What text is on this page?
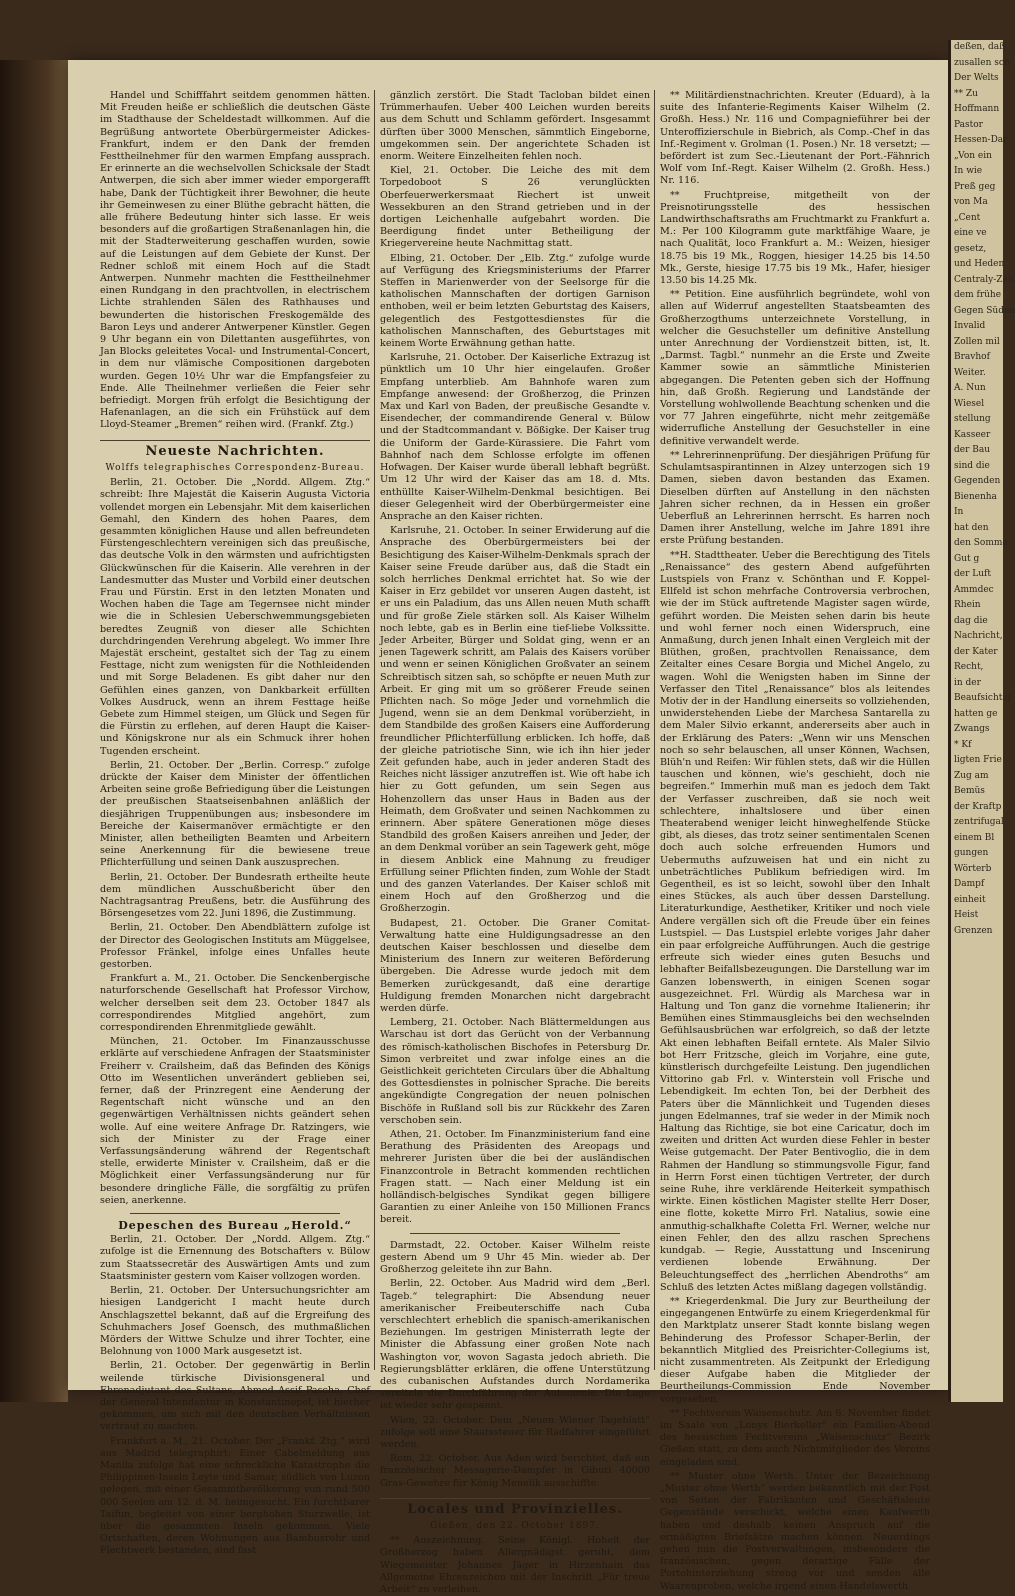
Handel und Schifffahrt seitdem genommen hätten. Mit Freuden heiße er schließlich die deutschen Gäste im Stadthause der Scheldestadt willkommen. Auf die Begrüßung antwortete Oberbürgermeister Adickes-Frankfurt, indem er den Dank der fremden Festtheilnehmer für den warmen Empfang aussprach. Er erinnerte an die wechselvollen Schicksale der Stadt Antwerpen, die sich aber immer wieder emporgerafft habe, Dank der Tüchtigkeit ihrer Bewohner, die heute ihr Gemeinwesen zu einer Blüthe gebracht hätten, die alle frühere Bedeutung hinter sich lasse. Er weis besonders auf die großartigen Straßenanlagen hin, die mit der Stadterweiterung geschaffen wurden, sowie auf die Leistungen auf dem Gebiete der Kunst. Der Redner schloß mit einem Hoch auf die Stadt Antwerpen. Nunmehr machten die Festtheilnehmer einen Rundgang in den prachtvollen, in electrischem Lichte strahlenden Sälen des Rathhauses und bewunderten die historischen Freskogemälde des Baron Leys und anderer Antwerpener Künstler. Gegen 9 Uhr begann ein von Dilettanten ausgeführtes, von Jan Blocks geleitetes Vocal- und Instrumental-Concert, in dem nur vlämische Compositionen dargeboten wurden. Gegen 10½ Uhr war die Empfangsfeier zu Ende. Alle Theilnehmer verließen die Feier sehr befriedigt. Morgen früh erfolgt die Besichtigung der Hafenanlagen, an die sich ein Frühstück auf dem Lloyd-Steamer „Bremen“ reihen wird. (Frankf. Ztg.)

Neueste Nachrichten.
Wolffs telegraphisches Correspondenz-Bureau.

Berlin, 21. October. Die „Nordd. Allgem. Ztg.“ schreibt: Ihre Majestät die Kaiserin Augusta Victoria vollendet morgen ein Lebensjahr. Mit dem kaiserlichen Gemahl, den Kindern des hohen Paares, dem gesammten königlichen Hause und allen befreundeten Fürstengeschlechtern vereinigen sich das preußische, das deutsche Volk in den wärmsten und aufrichtigsten Glückwünschen für die Kaiserin. Alle verehren in der Landesmutter das Muster und Vorbild einer deutschen Frau und Fürstin. Erst in den letzten Monaten und Wochen haben die Tage am Tegernsee nicht minder wie die in Schlesien Ueberschwemmungsgebieten beredtes Zeugniß von dieser alle Schichten durchdringenden Verehrung abgelegt. Wo immer Ihre Majestät erscheint, gestaltet sich der Tag zu einem Festtage, nicht zum wenigsten für die Nothleidenden und mit Sorge Beladenen. Es gibt daher nur den Gefühlen eines ganzen, von Dankbarkeit erfüllten Volkes Ausdruck, wenn an ihrem Festtage heiße Gebete zum Himmel steigen, um Glück und Segen für die Fürstin zu erflehen, auf deren Haupt die Kaiser- und Königskrone nur als ein Schmuck ihrer hohen Tugenden erscheint.

Berlin, 21. October. Der „Berlin. Corresp.“ zufolge drückte der Kaiser dem Minister der öffentlichen Arbeiten seine große Befriedigung über die Leistungen der preußischen Staatseisenbahnen anläßlich der diesjährigen Truppenübungen aus; insbesondere im Bereiche der Kaisermanöver ermächtigte er den Minister, allen betheiligten Beamten und Arbeitern seine Anerkennung für die bewiesene treue Pflichterfüllung und seinen Dank auszusprechen.

Berlin, 21. October. Der Bundesrath ertheilte heute dem mündlichen Ausschußbericht über den Nachtragsantrag Preußens, betr. die Ausführung des Börsengesetzes vom 22. Juni 1896, die Zustimmung.

Berlin, 21. October. Den Abendblättern zufolge ist der Director des Geologischen Instituts am Müggelsee, Professor Fränkel, infolge eines Unfalles heute gestorben.

Frankfurt a. M., 21. October. Die Senckenbergische naturforschende Gesellschaft hat Professor Virchow, welcher derselben seit dem 23. October 1847 als correspondirendes Mitglied angehört, zum correspondirenden Ehrenmitgliede gewählt.

München, 21. October. Im Finanzausschusse erklärte auf verschiedene Anfragen der Staatsminister Freiherr v. Crailsheim, daß das Befinden des Königs Otto im Wesentlichen unverändert geblieben sei, ferner, daß der Prinzregent eine Aenderung der Regentschaft nicht wünsche und an den gegenwärtigen Verhältnissen nichts geändert sehen wolle. Auf eine weitere Anfrage Dr. Ratzingers, wie sich der Minister zu der Frage einer Verfassungsänderung während der Regentschaft stelle, erwiderte Minister v. Crailsheim, daß er die Möglichkeit einer Verfassungsänderung nur für besondere dringliche Fälle, die sorgfältig zu prüfen seien, anerkenne.

Depeschen des Bureau „Herold.“

Berlin, 21. October. Der „Nordd. Allgem. Ztg.“ zufolge ist die Ernennung des Botschafters v. Bülow zum Staatssecretär des Auswärtigen Amts und zum Staatsminister gestern vom Kaiser vollzogen worden.

Berlin, 21. October. Der Untersuchungsrichter am hiesigen Landgericht I macht heute durch Anschlagszettel bekannt, daß auf die Ergreifung des Schuhmachers Josef Goensch, des muthmaßlichen Mörders der Wittwe Schulze und ihrer Tochter, eine Belohnung von 1000 Mark ausgesetzt ist.

Berlin, 21. October. Der gegenwärtig in Berlin weilende türkische Divisionsgeneral und Ehrenadjutant des Sultans, Ahmed Assif Pascha, Chef der General-Intendantur in Konstantinopel, ist hierher gekommen, um sich mit den deutschen Verhältnissen vertraut zu machen.

Frankfurt a. M., 21. October. Der „Frankf. Ztg.“ wird aus Madrid telegraphirt: Einer Cabelmeldung aus Manila zufolge hat eine schreckliche Katastrophe die Philippinen-Inseln Leyte und Samar, südlich von Luzon gelegen, mit einer Gesammtbevölkerung von rund 500 000 Seelen am 12. d. M. heimgesucht. Ein furchtbarer Taifun, begleitet von einer berghohen Sturzwelle, ist über die gesammten Inseln gekommen. Viele Ortschaften, deren Wohnungen aus Bambusrohr und Flechtwerk bestanden, sind fast

gänzlich zerstört. Die Stadt Tacloban bildet einen Trümmerhaufen. Ueber 400 Leichen wurden bereits aus dem Schutt und Schlamm gefördert. Insgesammt dürften über 3000 Menschen, sämmtlich Eingeborne, umgekommen sein. Der angerichtete Schaden ist enorm. Weitere Einzelheiten fehlen noch.

Kiel, 21. October. Die Leiche des mit dem Torpedoboot S 26 verunglückten Oberfeuerwerkersmaat Riechert ist unweit Wessekburen an den Strand getrieben und in der dortigen Leichenhalle aufgebahrt worden. Die Beerdigung findet unter Betheiligung der Kriegervereine heute Nachmittag statt.

Elbing, 21. October. Der „Elb. Ztg.“ zufolge wurde auf Verfügung des Kriegsministeriums der Pfarrer Steffen in Marienwerder von der Seelsorge für die katholischen Mannschaften der dortigen Garnison enthoben, weil er beim letzten Geburtstag des Kaisers, gelegentlich des Festgottesdienstes für die katholischen Mannschaften, des Geburtstages mit keinem Worte Erwähnung gethan hatte.

Karlsruhe, 21. October. Der Kaiserliche Extrazug ist pünktlich um 10 Uhr hier eingelaufen. Großer Empfang unterblieb. Am Bahnhofe waren zum Empfange anwesend: der Großherzog, die Prinzen Max und Karl von Baden, der preußische Gesandte v. Eisendecher, der commandirende General v. Bülow und der Stadtcommandant v. Bößigke. Der Kaiser trug die Uniform der Garde-Kürassiere. Die Fahrt vom Bahnhof nach dem Schlosse erfolgte im offenen Hofwagen. Der Kaiser wurde überall lebhaft begrüßt. Um 12 Uhr wird der Kaiser das am 18. d. Mts. enthüllte Kaiser-Wilhelm-Denkmal besichtigen. Bei dieser Gelegenheit wird der Oberbürgermeister eine Ansprache an den Kaiser richten.

Karlsruhe, 21. October. In seiner Erwiderung auf die Ansprache des Oberbürgermeisters bei der Besichtigung des Kaiser-Wilhelm-Denkmals sprach der Kaiser seine Freude darüber aus, daß die Stadt ein solch herrliches Denkmal errichtet hat. So wie der Kaiser in Erz gebildet vor unseren Augen dasteht, ist er uns ein Paladium, das uns Allen neuen Muth schafft und für große Ziele stärken soll. Als Kaiser Wilhelm noch lebte, gab es in Berlin eine tief-liebe Volkssitte. Jeder Arbeiter, Bürger und Soldat ging, wenn er an jenen Tagewerk schritt, am Palais des Kaisers vorüber und wenn er seinen Königlichen Großvater an seinem Schreibtisch sitzen sah, so schöpfte er neuen Muth zur Arbeit. Er ging mit um so größerer Freude seinen Pflichten nach. So möge Jeder und vornehmlich die Jugend, wenn sie an dem Denkmal vorüberzieht, in dem Standbilde des großen Kaisers eine Aufforderung freundlicher Pflichterfüllung erblicken. Ich hoffe, daß der gleiche patriotische Sinn, wie ich ihn hier jeder Zeit gefunden habe, auch in jeder anderen Stadt des Reiches nicht lässiger anzutreffen ist. Wie oft habe ich hier zu Gott gefunden, um sein Segen aus Hohenzollern das unser Haus in Baden aus der Heimath, dem Großvater und seinen Nachkommen zu erinnern. Aber spätere Generationen möge dieses Standbild des großen Kaisers anreihen und Jeder, der an dem Denkmal vorüber an sein Tagewerk geht, möge in diesem Anblick eine Mahnung zu freudiger Erfüllung seiner Pflichten finden, zum Wohle der Stadt und des ganzen Vaterlandes. Der Kaiser schloß mit einem Hoch auf den Großherzog und die Großherzogin.

Budapest, 21. October. Die Graner Comitat-Verwaltung hatte eine Huldigungsadresse an den deutschen Kaiser beschlossen und dieselbe dem Ministerium des Innern zur weiteren Beförderung übergeben. Die Adresse wurde jedoch mit dem Bemerken zurückgesandt, daß eine derartige Huldigung fremden Monarchen nicht dargebracht werden dürfe.

Lemberg, 21. October. Nach Blättermeldungen aus Warschau ist dort das Gerücht von der Verbannung des römisch-katholischen Bischofes in Petersburg Dr. Simon verbreitet und zwar infolge eines an die Geistlichkeit gerichteten Circulars über die Abhaltung des Gottesdienstes in polnischer Sprache. Die bereits angekündigte Congregation der neuen polnischen Bischöfe in Rußland soll bis zur Rückkehr des Zaren verschoben sein.

Athen, 21. October. Im Finanzministerium fand eine Berathung des Präsidenten des Areopags und mehrerer Juristen über die bei der ausländischen Finanzcontrole in Betracht kommenden rechtlichen Fragen statt. — Nach einer Meldung ist ein holländisch-belgisches Syndikat gegen billigere Garantien zu einer Anleihe von 150 Millionen Francs bereit.

Darmstadt, 22. October. Kaiser Wilhelm reiste gestern Abend um 9 Uhr 45 Min. wieder ab. Der Großherzog geleitete ihn zur Bahn.

Berlin, 22. October. Aus Madrid wird dem „Berl. Tageb.“ telegraphirt: Die Absendung neuer amerikanischer Freibeuterschiffe nach Cuba verschlechtert erheblich die spanisch-amerikanischen Beziehungen. Im gestrigen Ministerrath legte der Minister die Abfassung einer großen Note nach Washington vor, wovon Sagasta jedoch abrieth. Die Regierungsblätter erklären, die offene Unterstützung des cubanischen Aufstandes durch Nordamerika vereitele die Durchführung der Autonomie. Die Lage ist wieder sehr gespannt.

Wien, 22. October. Dem „Neuen Wiener Tageblatt“ zufolge soll eine Staatssteuer für Radfahrer eingeführt werden.

Rom, 22. October. Aus Aden wird berichtet, daß ein französischer Messagerie-Dampfer in Gibuti 40000 Gras-Gewehre für König Menelik ausschiffte.

Locales und Provinzielles.
Gießen, den 22. October 1897.

** Auszeichnung. Seine Königl. Hoheit der Großherzog haben Allergnädigst geruht, dem Wiegemeister Johannes Jäger in Hirzenhain das Allgemeine Ehrenzeichen mit der Inschrift „Für treue Arbeit“ zu verleihen.

** Militärdienstnachrichten. Kreuter (Eduard), à la suite des Infanterie-Regiments Kaiser Wilhelm (2. Großh. Hess.) Nr. 116 und Compagnieführer bei der Unteroffizierschule in Biebrich, als Comp.-Chef in das Inf.-Regiment v. Grolman (1. Posen.) Nr. 18 versetzt; — befördert ist zum Sec.-Lieutenant der Port.-Fähnrich Wolf vom Inf.-Regt. Kaiser Wilhelm (2. Großh. Hess.) Nr. 116.

** Fruchtpreise, mitgetheilt von der Preisnotirungsstelle des hessischen Landwirthschaftsraths am Fruchtmarkt zu Frankfurt a. M.: Per 100 Kilogramm gute marktfähige Waare, je nach Qualität, loco Frankfurt a. M.: Weizen, hiesiger 18.75 bis 19 Mk., Roggen, hiesiger 14.25 bis 14.50 Mk., Gerste, hiesige 17.75 bis 19 Mk., Hafer, hiesiger 13.50 bis 14.25 Mk.

** Petition. Eine ausführlich begründete, wohl von allen auf Widerruf angestellten Staatsbeamten des Großherzogthums unterzeichnete Vorstellung, in welcher die Gesuchsteller um definitive Anstellung unter Anrechnung der Vordienstzeit bitten, ist, lt. „Darmst. Tagbl.“ nunmehr an die Erste und Zweite Kammer sowie an sämmtliche Ministerien abgegangen. Die Petenten geben sich der Hoffnung hin, daß Großh. Regierung und Landstände der Vorstellung wohlwollende Beachtung schenken und die vor 77 Jahren eingeführte, nicht mehr zeitgemäße widerrufliche Anstellung der Gesuchsteller in eine definitive verwandelt werde.

** Lehrerinnenprüfung. Der diesjährigen Prüfung für Schulamtsaspirantinnen in Alzey unterzogen sich 19 Damen, sieben davon bestanden das Examen. Dieselben dürften auf Anstellung in den nächsten Jahren sicher rechnen, da in Hessen ein großer Ueberfluß an Lehrerinnen herrscht. Es harren noch Damen ihrer Anstellung, welche im Jahre 1891 ihre erste Prüfung bestanden.

**H. Stadttheater. Ueber die Berechtigung des Titels „Renaissance“ des gestern Abend aufgeführten Lustspiels von Franz v. Schönthan und F. Koppel-Ellfeld ist schon mehrfache Controversia verbrochen, wie der im Stück auftretende Magister sagen würde, geführt worden. Die Meisten sehen darin bis heute und wohl ferner noch einen Widerspruch, eine Anmaßung, durch jenen Inhalt einen Vergleich mit der Blüthen, großen, prachtvollen Renaissance, dem Zeitalter eines Cesare Borgia und Michel Angelo, zu wagen. Wohl die Wenigsten haben im Sinne der Verfasser den Titel „Renaissance“ blos als leitendes Motiv der in der Handlung einerseits so vollziehenden, unwiderstehenden Liebe der Marchesa Santarella zu dem Maler Silvio erkannt, andererseits aber auch in der Erklärung des Paters: „Wenn wir uns Menschen noch so sehr belauschen, all unser Können, Wachsen, Blüh'n und Reifen: Wir fühlen stets, daß wir die Hüllen tauschen und können, wie's geschieht, doch nie begreifen.“ Immerhin muß man es jedoch dem Takt der Verfasser zuschreiben, daß sie noch weit schlechtere, inhaltslosere und über einen Theaterabend weniger leicht hinweghelfende Stücke gibt, als dieses, das trotz seiner sentimentalen Scenen doch auch solche erfreuenden Humors und Uebermuths aufzuweisen hat und ein nicht zu unbeträchtliches Publikum befriedigen wird. Im Gegentheil, es ist so leicht, sowohl über den Inhalt eines Stückes, als auch über dessen Darstellung. Literaturkundige, Aesthetiker, Kritiker und noch viele Andere vergällen sich oft die Freude über ein feines Lustspiel. — Das Lustspiel erlebte voriges Jahr daher ein paar erfolgreiche Aufführungen. Auch die gestrige erfreute sich wieder eines guten Besuchs und lebhafter Beifallsbezeugungen. Die Darstellung war im Ganzen lobenswerth, in einigen Scenen sogar ausgezeichnet. Frl. Würdig als Marchesa war in Haltung und Ton ganz die vornehme Italienerin; ihr Bemühen eines Stimmausgleichs bei den wechselnden Gefühlsausbrüchen war erfolgreich, so daß der letzte Akt einen lebhaften Beifall erntete. Als Maler Silvio bot Herr Fritzsche, gleich im Vorjahre, eine gute, künstlerisch durchgefeilte Leistung. Den jugendlichen Vittorino gab Frl. v. Winterstein voll Frische und Lebendigkeit. Im echten Ton, bei der Derbheit des Paters über die Männlichkeit und Tugenden dieses jungen Edelmannes, traf sie weder in der Mimik noch Haltung das Richtige, sie bot eine Caricatur, doch im zweiten und dritten Act wurden diese Fehler in bester Weise gutgemacht. Der Pater Bentivoglio, die in dem Rahmen der Handlung so stimmungsvolle Figur, fand in Herrn Forst einen tüchtigen Vertreter, der durch seine Ruhe, ihre verklärende Heiterkeit sympathisch wirkte. Einen köstlichen Magister stellte Herr Doser, eine flotte, kokette Mirro Frl. Natalius, sowie eine anmuthig-schalkhafte Coletta Frl. Werner, welche nur einen Fehler, den des allzu raschen Sprechens kundgab. — Regie, Ausstattung und Inscenirung verdienen lobende Erwähnung. Der Beleuchtungseffect des „herrlichen Abendroths“ am Schluß des letzten Actes mißlang dagegen vollständig.

** Kriegerdenkmal. Die Jury zur Beurtheilung der eingegangenen Entwürfe zu einem Kriegerdenkmal für den Marktplatz unserer Stadt konnte bislang wegen Behinderung des Professor Schaper-Berlin, der bekanntlich Mitglied des Preisrichter-Collegiums ist, nicht zusammentreten. Als Zeitpunkt der Erledigung dieser Aufgabe haben die Mitglieder der Beurtheilungs-Commission Ende November vorgesehen.

** Fechtverein Waisenschutz. Am 6. November findet im Saale von „Lonys Bierkeller“ ein Familien-Abend des hessischen Fechtvereins „Waisenschutz“ Bezirk Gießen statt, zu dem auch Nichtmitglieder des Vereins eingeladen sind.

** Muster ohne Werth. Unter der Bezeichnung „Muster ohne Werth“ werden bekanntlich mit der Post von Seiten der Fabrikanten und Geschäftsleute Gegenstände verschickt, welche einen Kaufwerth haben und deshalb keinen Anspruch auf die ermäßigten Briefsätze machen können. Neuerdings gehen nun die Postverwaltungen, insbesondere die französischen, gegen derartige Fälle der Portohinterziehung streng vor und senden alle Waarenproben, welche irgend einen Handelswerth

deßen, daß
zusallen sch
Der Welts
** Zu
Hoffmann
Pastor
Hessen-Dar
„Von ein
In wie
Preß geg
von Ma
„Cent
eine ve
gesetz,
und Heden
Centraly-Zeit
dem frühe
Gegen Süden
Invalid
Zollen mil
Bravhof
Weiter.
A. Nun
Wiesel
stellung
Kasseer
der Bau
sind die
Gegenden
Bienenha
In
hat den
den Somme
Gut g
der Luft
Ammdec
Rhein
dag die
Nachricht,
der Kater
Recht,
in der
Beaufsichtig
hatten ge
Zwangs
* Kf
ligten Frie
Zug am
Bemüs
der Kraftp
zentrifugal
einem Bl
gungen
Wörterb
Dampf
einheit
Heist
Grenzen
